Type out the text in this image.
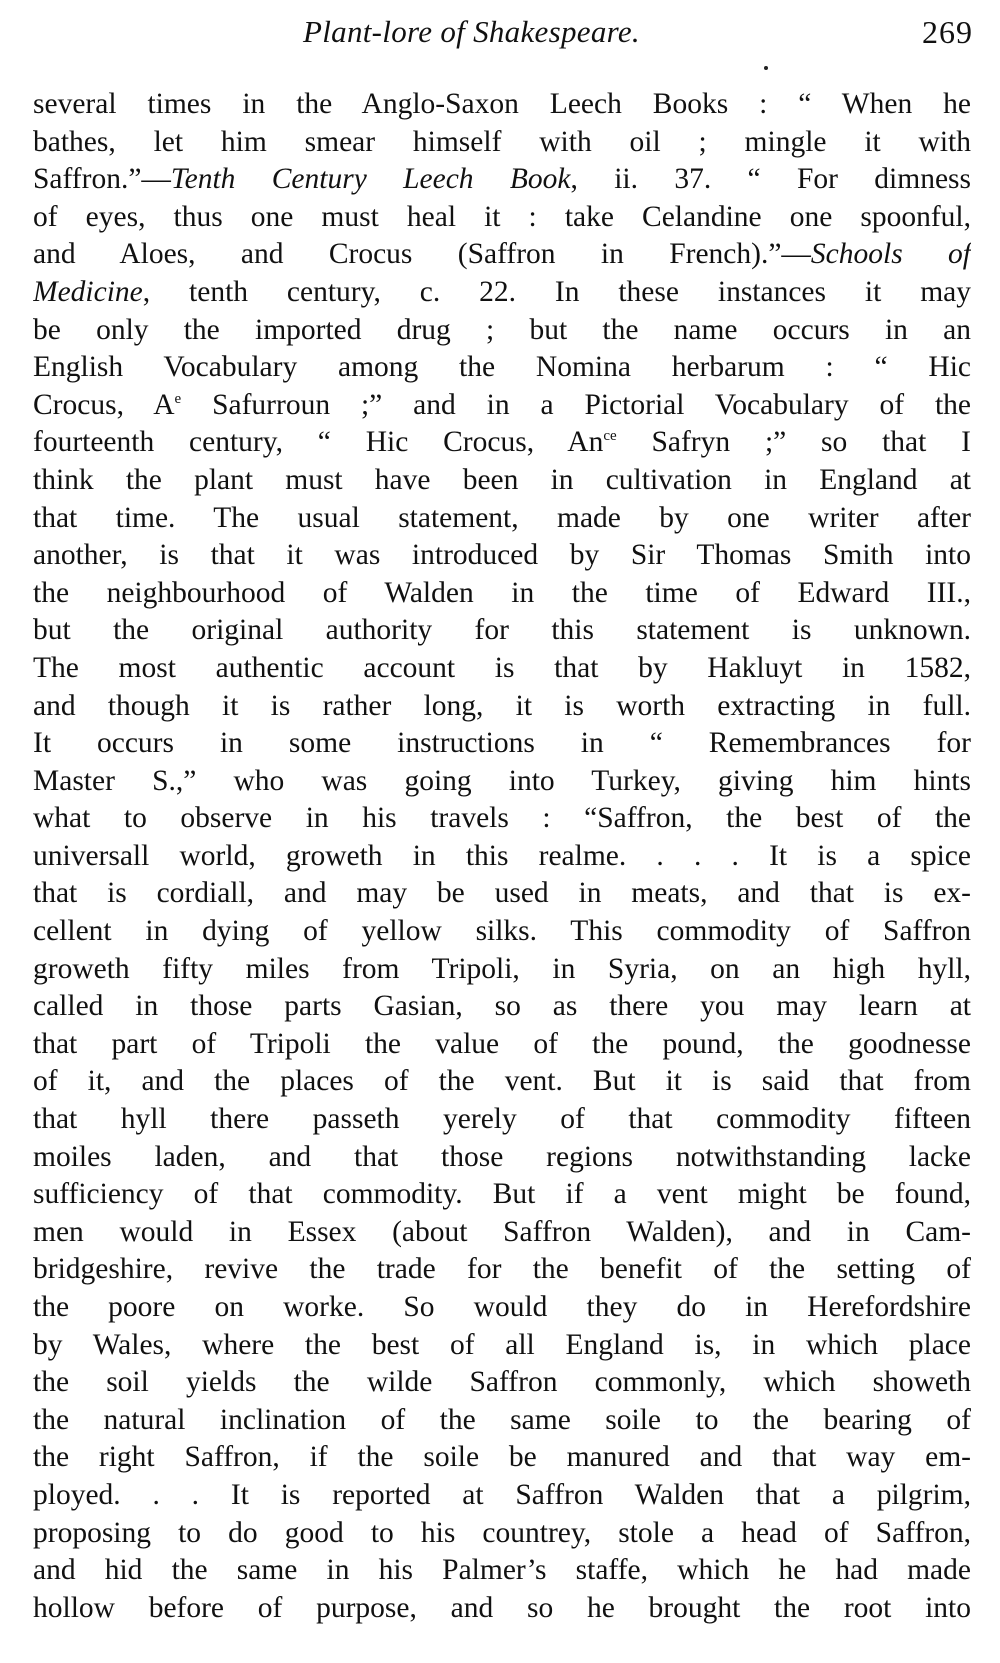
Plant-lore of Shakespeare.	269
several times in the Anglo-Saxon Leech Books : “ When he
bathes, let him smear himself with oil ; mingle it with
Saffron.”—Tenth Century Leech Book, ii. 37. “ For dimness
of eyes, thus one must heal it : take Celandine one spoonful,
and Aloes, and Crocus (Saffron in French).”—Schools of
Medicine, tenth century, c. 22. In these instances it may
be only the imported drug ; but the name occurs in an
English Vocabulary among the Nomina herbarum : “ Hic
Crocus, $A^e$ Safurroun ;” and in a Pictorial Vocabulary of the
fourteenth century, “ Hic Crocus, $An^{ce}$ Safryn ;” so that I
think the plant must have been in cultivation in England at
that time. The usual statement, made by one writer after
another, is that it was introduced by Sir Thomas Smith into
the neighbourhood of Walden in the time of Edward III.,
but the original authority for this statement is unknown.
The most authentic account is that by Hakluyt in 1582,
and though it is rather long, it is worth extracting in full.
It occurs in some instructions in “ Remembrances for
Master S.,” who was going into Turkey, giving him hints
what to observe in his travels : “Saffron, the best of the
universall world, groweth in this realme. . . . It is a spice
that is cordiall, and may be used in meats, and that is ex-
cellent in dying of yellow silks. This commodity of Saffron
groweth fifty miles from Tripoli, in Syria, on an high hyll,
called in those parts Gasian, so as there you may learn at
that part of Tripoli the value of the pound, the goodnesse
of it, and the places of the vent. But it is said that from
that hyll there passeth yerely of that commodity fifteen
moiles laden, and that those regions notwithstanding lacke
sufficiency of that commodity. But if a vent might be found,
men would in Essex (about Saffron Walden), and in Cam-
bridgeshire, revive the trade for the benefit of the setting of
the poore on worke. So would they do in Herefordshire
by Wales, where the best of all England is, in which place
the soil yields the wilde Saffron commonly, which showeth
the natural inclination of the same soile to the bearing of
the right Saffron, if the soile be manured and that way em-
ployed. . . It is reported at Saffron Walden that a pilgrim,
proposing to do good to his countrey, stole a head of Saffron,
and hid the same in his Palmer’s staffe, which he had made
hollow before of purpose, and so he brought the root into
